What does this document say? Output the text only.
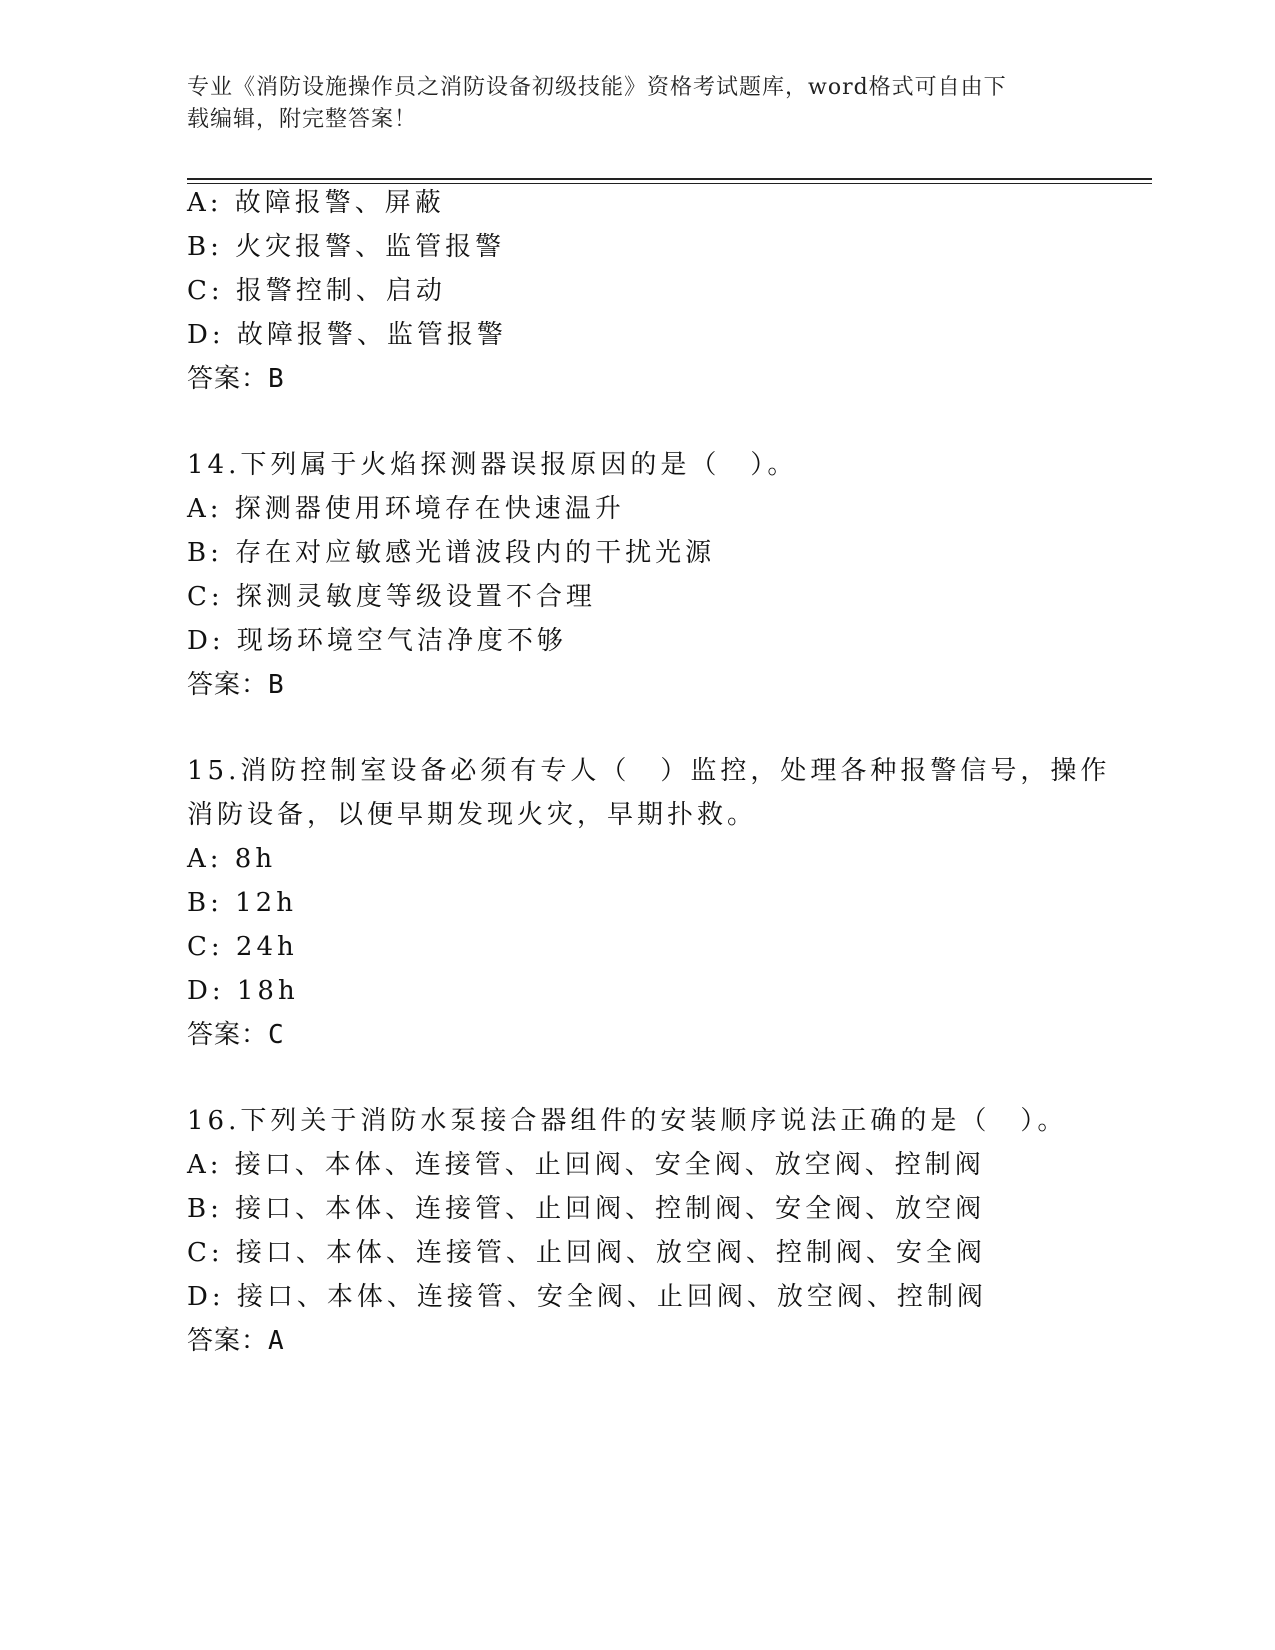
专业《消防设施操作员之消防设备初级技能》资格考试题库，word格式可自由下
载编辑，附完整答案！
A: 故障报警、屏蔽
B: 火灾报警、监管报警
C: 报警控制、启动
D: 故障报警、监管报警
答案：B
14.下列属于火焰探测器误报原因的是（　）。
A: 探测器使用环境存在快速温升
B: 存在对应敏感光谱波段内的干扰光源
C: 探测灵敏度等级设置不合理
D: 现场环境空气洁净度不够
答案：B
15.消防控制室设备必须有专人（　）监控，处理各种报警信号，操作
消防设备，以便早期发现火灾，早期扑救。
A: 8h
B: 12h
C: 24h
D: 18h
答案：C
16.下列关于消防水泵接合器组件的安装顺序说法正确的是（　）。
A: 接口、本体、连接管、止回阀、安全阀、放空阀、控制阀
B: 接口、本体、连接管、止回阀、控制阀、安全阀、放空阀
C: 接口、本体、连接管、止回阀、放空阀、控制阀、安全阀
D: 接口、本体、连接管、安全阀、止回阀、放空阀、控制阀
答案：A
